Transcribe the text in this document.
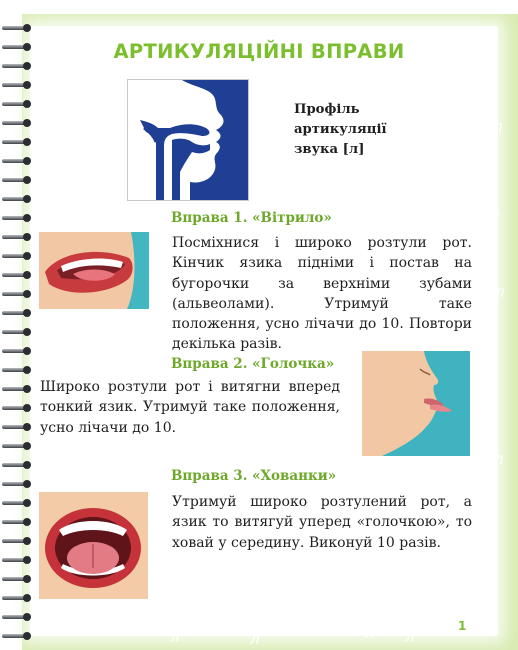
л
л
л
л
л
л
л
л л
л	л
л
АРТИКУЛЯЦІЙНІ ВПРАВИ
Профіль артикуляції звука [л]
Вправа 1. «Вітрило»
Посміхнися і широко розтули рот. Кінчик язика підніми і постав на бугорочки за верхніми зубами (альвеолами). Утримуй таке положення, усно лічачи до 10. Повтори декілька разів.
Вправа 2. «Голочка»
Широко розтули рот і витягни вперед тонкий язик. Утримуй таке положення, усно лічачи до 10.
Вправа 3. «Хованки»
Утримуй широко розтулений рот, а язик то витягуй уперед «голочкою», то ховай у середину. Виконуй 10 разів.
1
